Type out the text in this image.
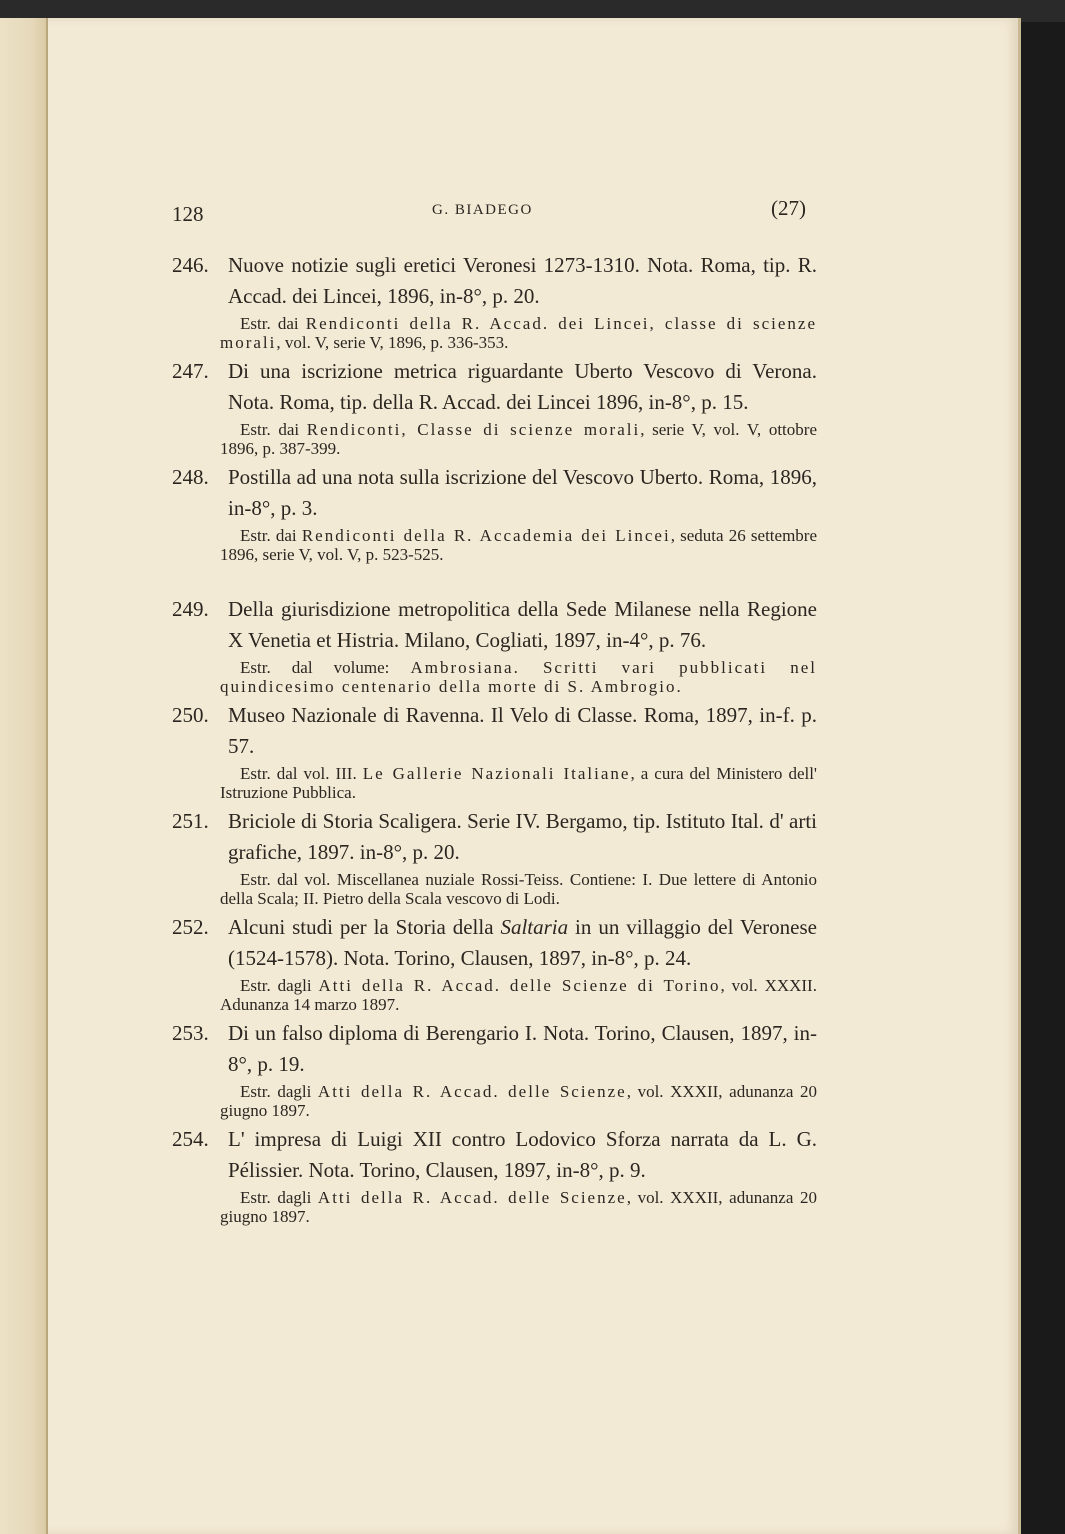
128	G. BIADEGO	(27)
246. Nuove notizie sugli eretici Veronesi 1273-1310. Nota. Roma, tip. R. Accad. dei Lincei, 1896, in-8°, p. 20.
Estr. dai Rendiconti della R. Accad. dei Lincei, classe di scienze morali, vol. V, serie V, 1896, p. 336-353.
247. Di una iscrizione metrica riguardante Uberto Vescovo di Verona. Nota. Roma, tip. della R. Accad. dei Lincei 1896, in-8°, p. 15.
Estr. dai Rendiconti, Classe di scienze morali, serie V, vol. V, ottobre 1896, p. 387-399.
248. Postilla ad una nota sulla iscrizione del Vescovo Uberto. Roma, 1896, in-8°, p. 3.
Estr. dai Rendiconti della R. Accademia dei Lincei, seduta 26 settembre 1896, serie V, vol. V, p. 523-525.
249. Della giurisdizione metropolitica della Sede Milanese nella Regione X Venetia et Histria. Milano, Cogliati, 1897, in-4°, p. 76.
Estr. dal volume: Ambrosiana. Scritti vari pubblicati nel quindicesimo centenario della morte di S. Ambrogio.
250. Museo Nazionale di Ravenna. Il Velo di Classe. Roma, 1897, in-f. p. 57.
Estr. dal vol. III. Le Gallerie Nazionali Italiane, a cura del Ministero dell' Istruzione Pubblica.
251. Briciole di Storia Scaligera. Serie IV. Bergamo, tip. Istituto Ital. d' arti grafiche, 1897. in-8°, p. 20.
Estr. dal vol. Miscellanea nuziale Rossi-Teiss. Contiene: I. Due lettere di Antonio della Scala; II. Pietro della Scala vescovo di Lodi.
252. Alcuni studi per la Storia della Saltaria in un villaggio del Veronese (1524-1578). Nota. Torino, Clausen, 1897, in-8°, p. 24.
Estr. dagli Atti della R. Accad. delle Scienze di Torino, vol. XXXII. Adunanza 14 marzo 1897.
253. Di un falso diploma di Berengario I. Nota. Torino, Clausen, 1897, in-8°, p. 19.
Estr. dagli Atti della R. Accad. delle Scienze, vol. XXXII, adunanza 20 giugno 1897.
254. L' impresa di Luigi XII contro Lodovico Sforza narrata da L. G. Pélissier. Nota. Torino, Clausen, 1897, in-8°, p. 9.
Estr. dagli Atti della R. Accad. delle Scienze, vol. XXXII, adunanza 20 giugno 1897.
